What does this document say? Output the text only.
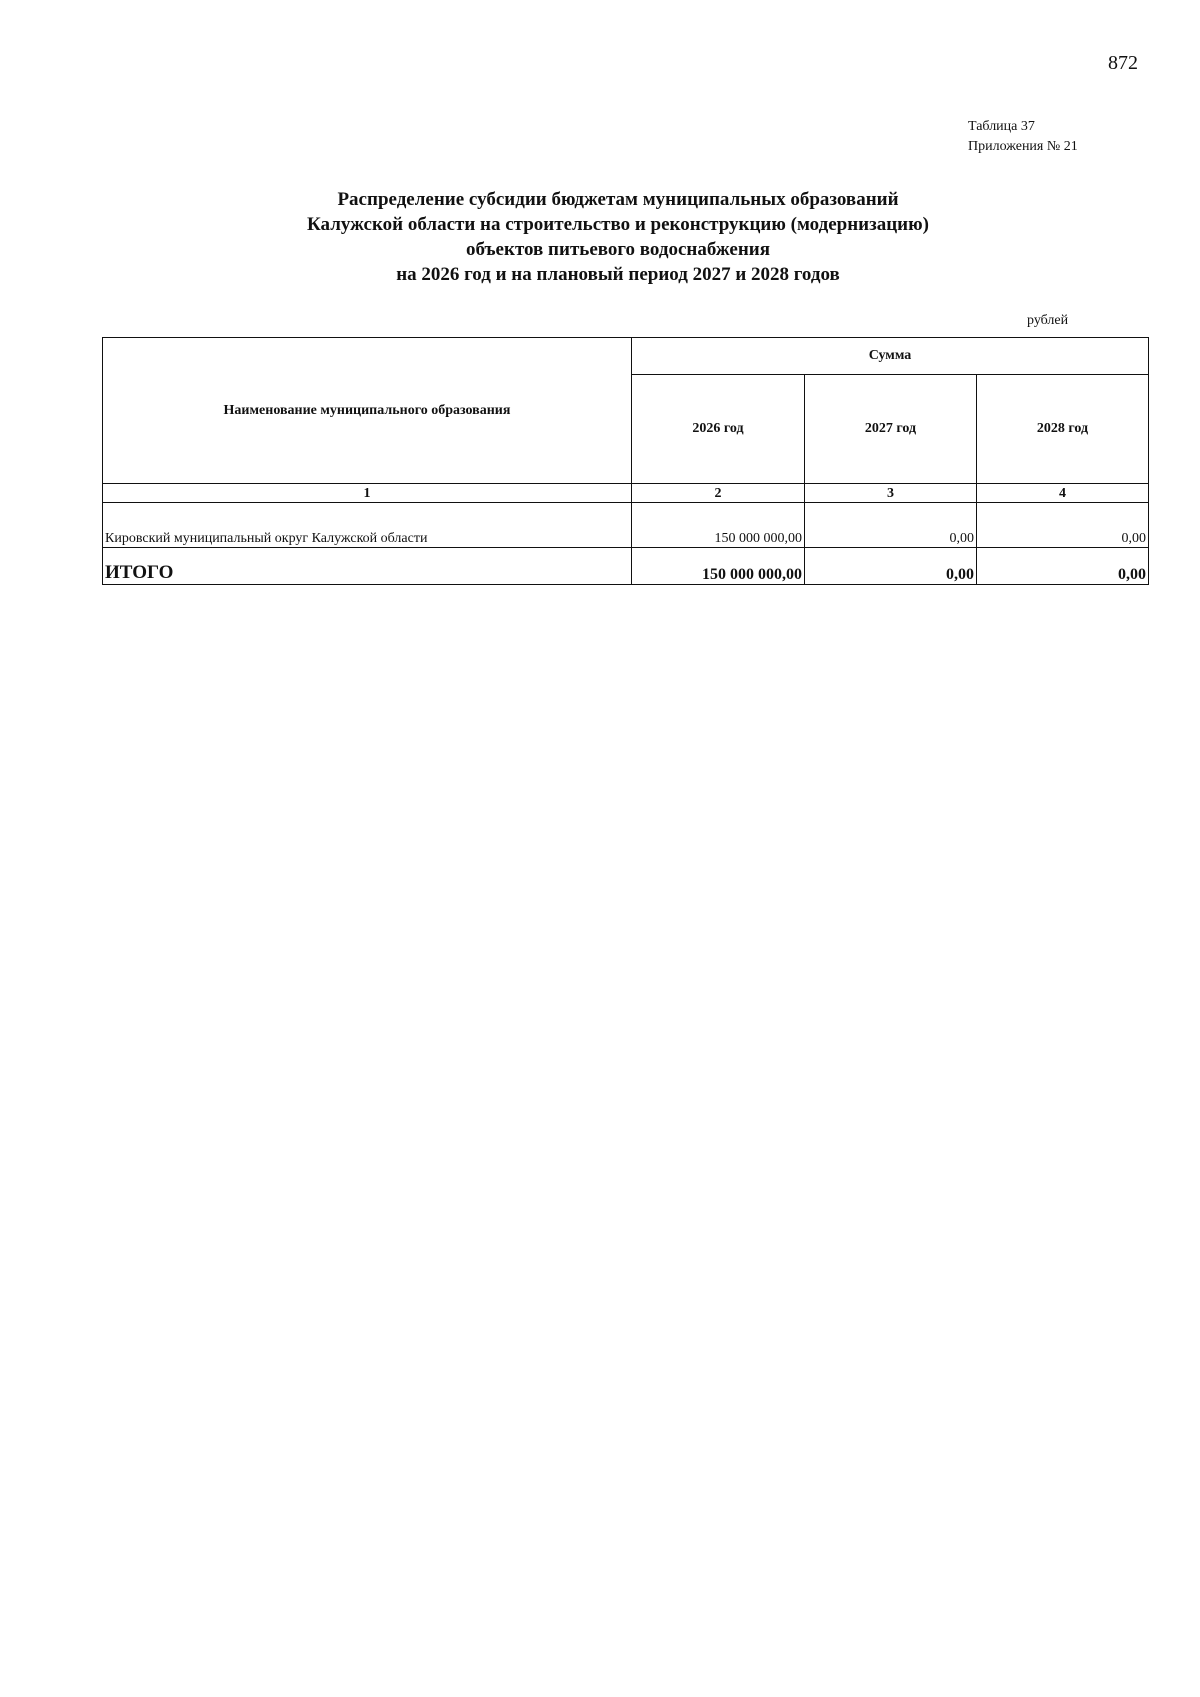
872
Таблица 37
Приложения № 21
Распределение субсидии бюджетам муниципальных образований
Калужской области на строительство и реконструкцию (модернизацию)
объектов питьевого водоснабжения
на 2026 год и на плановый период 2027 и 2028 годов
рублей
Наименование муниципального образования	Сумма		
	2026 год	2027 год	2028 год
1	2	3	4
Кировский муниципальный округ Калужской области	150 000 000,00	0,00	0,00
ИТОГО	150 000 000,00	0,00	0,00
